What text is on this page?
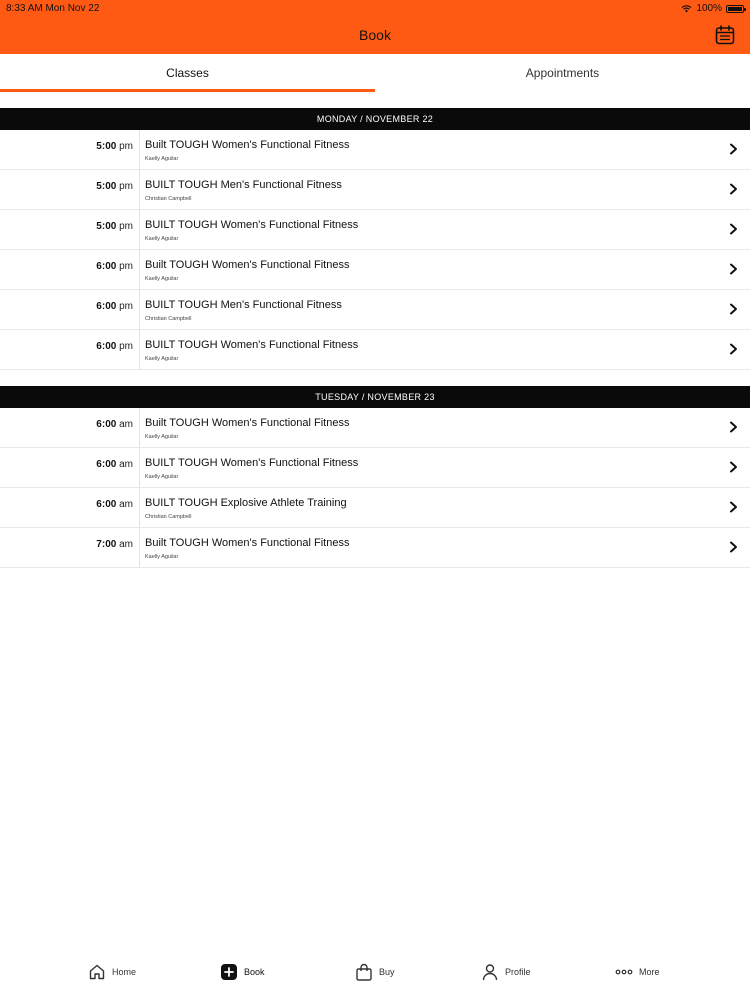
8:33 AM Mon Nov 22	100%
Book
Classes	Appointments
MONDAY / NOVEMBER 22
5:00 pm Built TOUGH Women's Functional Fitness
Kaelly Aguilar
5:00 pm BUILT TOUGH Men's Functional Fitness
Christian Campbell
5:00 pm BUILT TOUGH Women's Functional Fitness
Kaelly Aguilar
6:00 pm Built TOUGH Women's Functional Fitness
Kaelly Aguilar
6:00 pm BUILT TOUGH Men's Functional Fitness
Christian Campbell
6:00 pm BUILT TOUGH Women's Functional Fitness
Kaelly Aguilar
TUESDAY / NOVEMBER 23
6:00 am Built TOUGH Women's Functional Fitness
Kaelly Aguilar
6:00 am BUILT TOUGH Women's Functional Fitness
Kaelly Aguilar
6:00 am BUILT TOUGH Explosive Athlete Training
Christian Campbell
7:00 am Built TOUGH Women's Functional Fitness
Kaelly Aguilar
Home	Book	Buy	Profile	More
